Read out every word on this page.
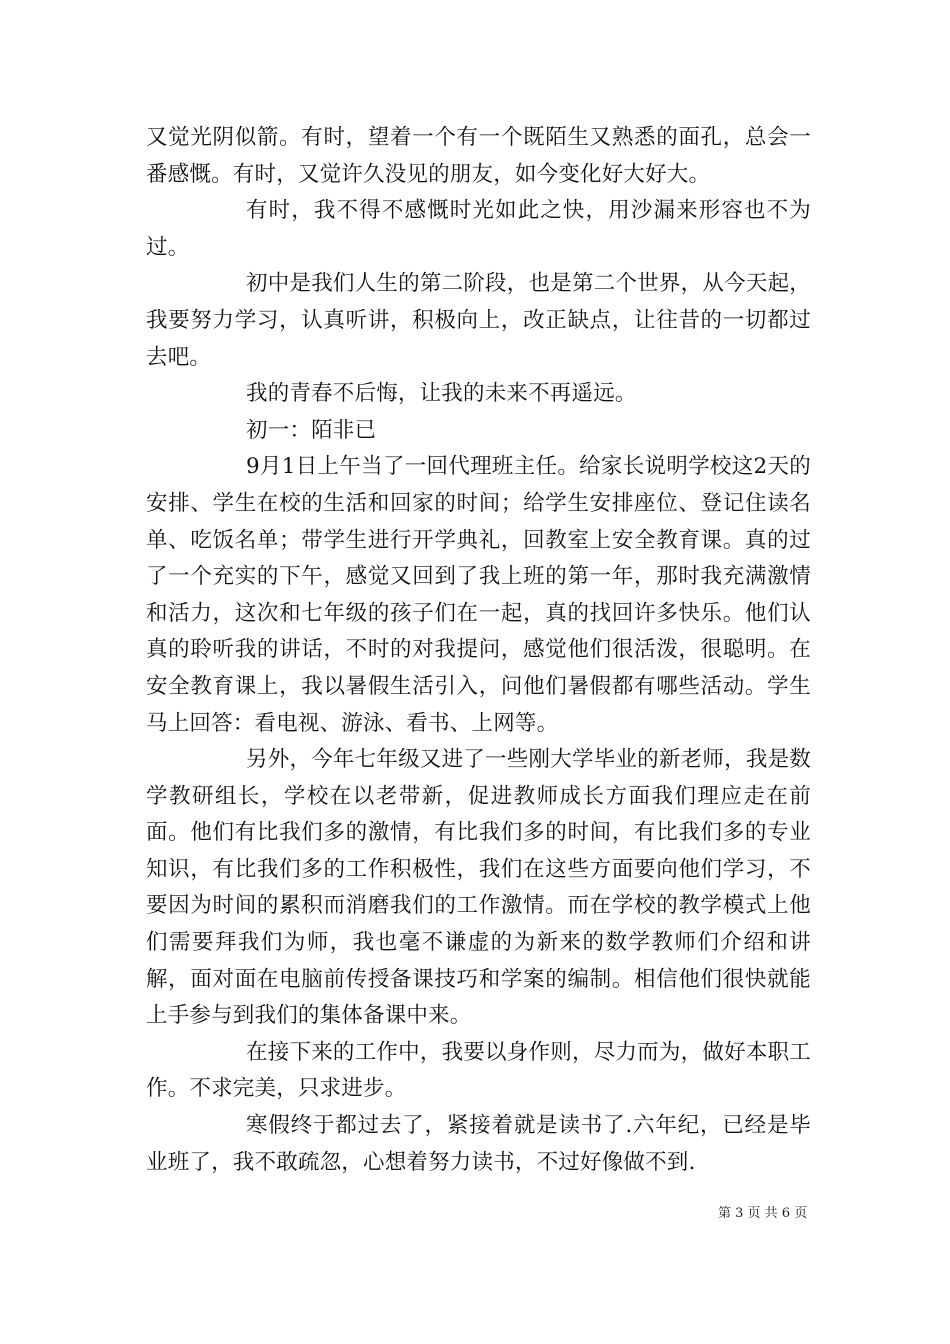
又觉光阴似箭。有时，望着一个有一个既陌生又熟悉的面孔，总会一番感慨。有时，又觉许久没见的朋友，如今变化好大好大。

有时，我不得不感慨时光如此之快，用沙漏来形容也不为过。

初中是我们人生的第二阶段，也是第二个世界，从今天起，我要努力学习，认真听讲，积极向上，改正缺点，让往昔的一切都过去吧。

我的青春不后悔，让我的未来不再遥远。

初一：陌非已

9月1日上午当了一回代理班主任。给家长说明学校这2天的安排、学生在校的生活和回家的时间；给学生安排座位、登记住读名单、吃饭名单；带学生进行开学典礼，回教室上安全教育课。真的过了一个充实的下午，感觉又回到了我上班的第一年，那时我充满激情和活力，这次和七年级的孩子们在一起，真的找回许多快乐。他们认真的聆听我的讲话，不时的对我提问，感觉他们很活泼，很聪明。在安全教育课上，我以暑假生活引入，问他们暑假都有哪些活动。学生马上回答：看电视、游泳、看书、上网等。

另外，今年七年级又进了一些刚大学毕业的新老师，我是数学教研组长，学校在以老带新，促进教师成长方面我们理应走在前面。他们有比我们多的激情，有比我们多的时间，有比我们多的专业知识，有比我们多的工作积极性，我们在这些方面要向他们学习，不要因为时间的累积而消磨我们的工作激情。而在学校的教学模式上他们需要拜我们为师，我也毫不谦虚的为新来的数学教师们介绍和讲解，面对面在电脑前传授备课技巧和学案的编制。相信他们很快就能上手参与到我们的集体备课中来。

在接下来的工作中，我要以身作则，尽力而为，做好本职工作。不求完美，只求进步。

寒假终于都过去了，紧接着就是读书了.六年纪，已经是毕业班了，我不敢疏忽，心想着努力读书，不过好像做不到.

第 3 页 共 6 页
